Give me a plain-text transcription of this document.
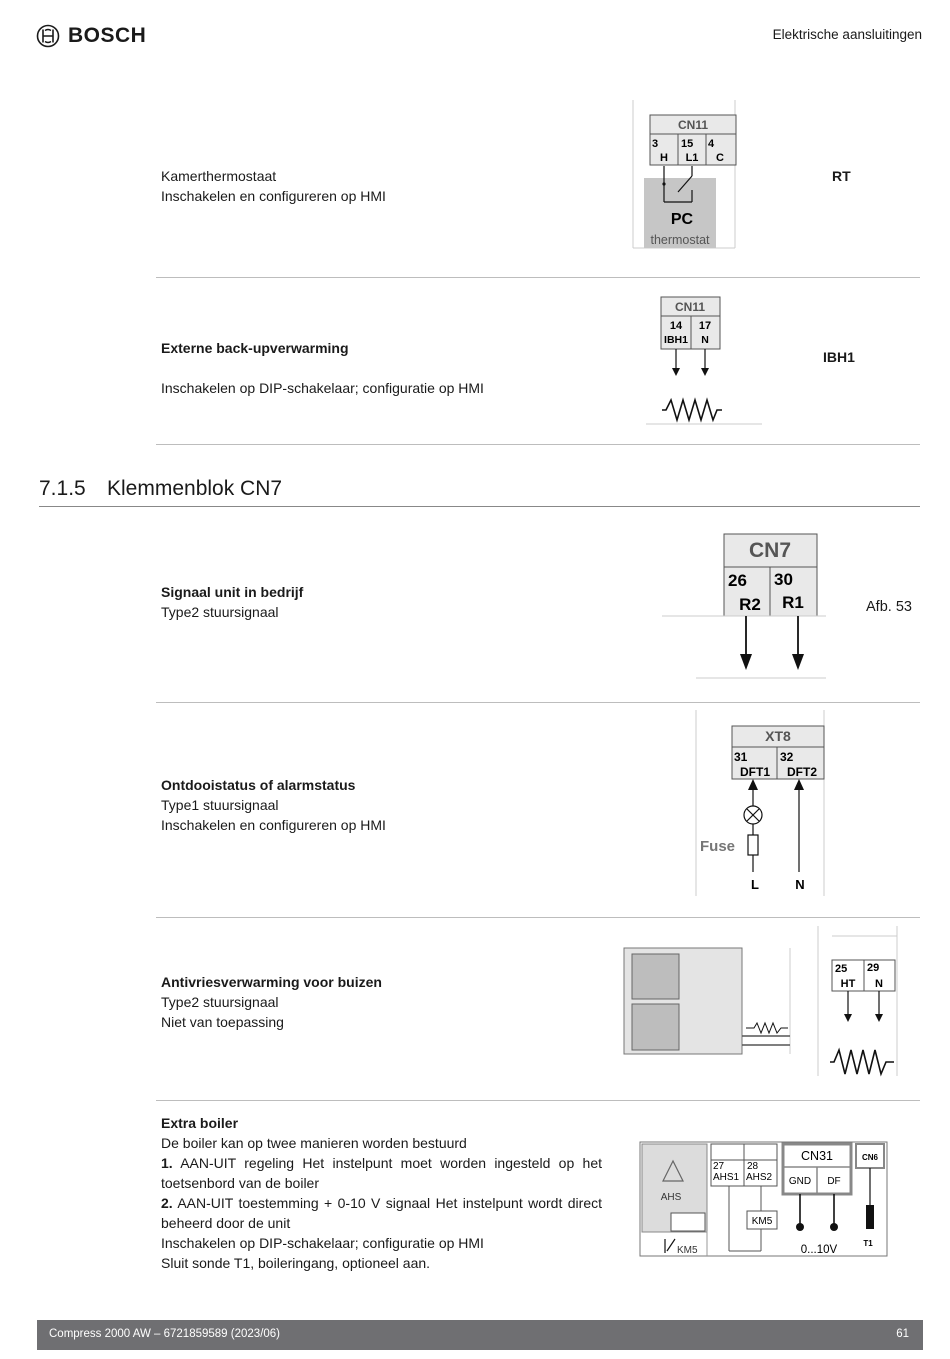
BOSCH	Elektrische aansluitingen
Kamerthermostaat
Inschakelen en configureren op HMI
CN11
3 15 4
H L1 C
PC
thermostat
RT
Externe back-upverwarming
Inschakelen op DIP-schakelaar; configuratie op HMI
CN11
14 17
IBH1 N
IBH1
7.1.5 Klemmenblok CN7
Signaal unit in bedrijf
Type2 stuursignaal
CN7
26 30
R2 R1	Afb. 53
Ontdooistatus of alarmstatus
Type1 stuursignaal
Inschakelen en configureren op HMI
XT8
31	32
DFT1 DFT2
Fuse
L	N
Antivriesverwarming voor buizen
Type2 stuursignaal
Niet van toepassing
25 29
HT N
Extra boiler
De boiler kan op twee manieren worden bestuurd
1. AAN-UIT regeling Het instelpunt moet worden ingesteld op het
toetsenbord van de boiler
2. AAN-UIT toestemming + 0-10 V signaal Het instelpunt wordt direct
beheerd door de unit
Inschakelen op DIP-schakelaar; configuratie op HMI
Sluit sonde T1, boileringang, optioneel aan.
AHS
KM5
27 28
AHS1 AHS2
KM5
CN31
GND DF
0...10V
CN6
T1
Compress 2000 AW – 6721859589 (2023/06)	61
